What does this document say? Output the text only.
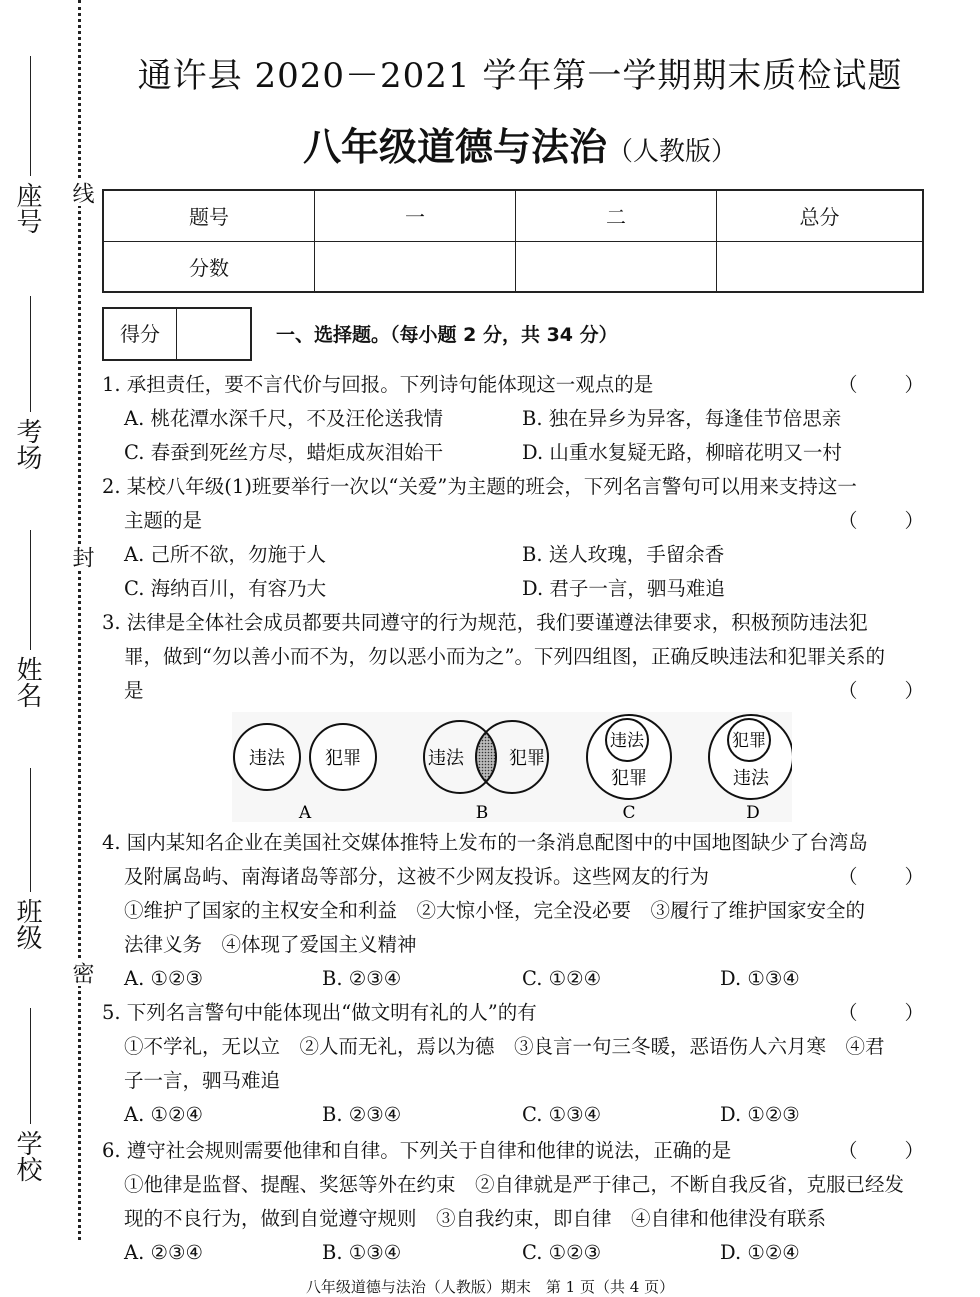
座号
考场
姓名
班级
学校
线
封
密
通许县 2020－2021 学年第一学期期末质检试题
八年级道德与法治（人教版）
题号	一	二	总分
分数			
得分	一、选择题。（每小题 2 分，共 34 分）
1. 承担责任，要不言代价与回报。下列诗句能体现这一观点的是	（ ）
A. 桃花潭水深千尺，不及汪伦送我情	B. 独在异乡为异客，每逢佳节倍思亲
C. 春蚕到死丝方尽，蜡炬成灰泪始干	D. 山重水复疑无路，柳暗花明又一村
2. 某校八年级(1)班要举行一次以“关爱”为主题的班会，下列名言警句可以用来支持这一
主题的是	（ ）
A. 己所不欲，勿施于人	B. 送人玫瑰，手留余香
C. 海纳百川，有容乃大	D. 君子一言，驷马难追
3. 法律是全体社会成员都要共同遵守的行为规范，我们要谨遵法律要求，积极预防违法犯
罪，做到“勿以善小而不为，勿以恶小而为之”。下列四组图，正确反映违法和犯罪关系的
是	（ ）
违法 犯罪
A
违法	犯罪
B
违法
犯罪
C
犯罪
违法
D
4. 国内某知名企业在美国社交媒体推特上发布的一条消息配图中的中国地图缺少了台湾岛
及附属岛屿、南海诸岛等部分，这被不少网友投诉。这些网友的行为	（ ）
①维护了国家的主权安全和利益　②大惊小怪，完全没必要　③履行了维护国家安全的
法律义务　④体现了爱国主义精神
A. ①②③	B. ②③④	C. ①②④	D. ①③④
5. 下列名言警句中能体现出“做文明有礼的人”的有	（ ）
①不学礼，无以立　②人而无礼，焉以为德　③良言一句三冬暖，恶语伤人六月寒　④君
子一言，驷马难追
A. ①②④	B. ②③④	C. ①③④	D. ①②③
6. 遵守社会规则需要他律和自律。下列关于自律和他律的说法，正确的是	（ ）
①他律是监督、提醒、奖惩等外在约束　②自律就是严于律己，不断自我反省，克服已经发
现的不良行为，做到自觉遵守规则　③自我约束，即自律　④自律和他律没有联系
A. ②③④	B. ①③④	C. ①②③	D. ①②④
八年级道德与法治（人教版）期末　第 1 页（共 4 页）
